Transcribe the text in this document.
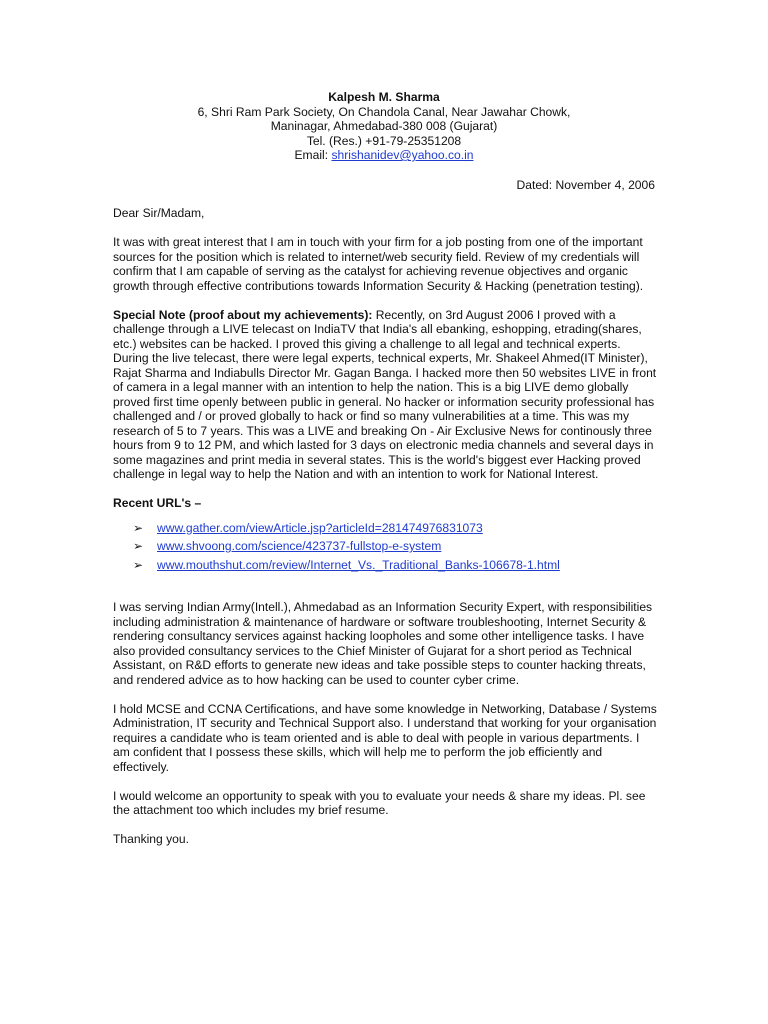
Kalpesh M. Sharma
6, Shri Ram Park Society, On Chandola Canal, Near Jawahar Chowk,
Maninagar, Ahmedabad-380 008 (Gujarat)
Tel. (Res.) +91-79-25351208
Email: shrishanidev@yahoo.co.in
Dated: November 4, 2006

Dear Sir/Madam,

It was with great interest that I am in touch with your firm for a job posting from one of the important sources for the position which is related to internet/web security field. Review of my credentials will confirm that I am capable of serving as the catalyst for achieving revenue objectives and organic growth through effective contributions towards Information Security & Hacking (penetration testing).

Special Note (proof about my achievements): Recently, on 3rd August 2006 I proved with a challenge through a LIVE telecast on IndiaTV that India's all ebanking, eshopping, etrading(shares, etc.) websites can be hacked. I proved this giving a challenge to all legal and technical experts. During the live telecast, there were legal experts, technical experts, Mr. Shakeel Ahmed(IT Minister), Rajat Sharma and Indiabulls Director Mr. Gagan Banga. I hacked more then 50 websites LIVE in front of camera in a legal manner with an intention to help the nation. This is a big LIVE demo globally proved first time openly between public in general. No hacker or information security professional has challenged and / or proved globally to hack or find so many vulnerabilities at a time. This was my research of 5 to 7 years. This was a LIVE and breaking On - Air Exclusive News for continously three hours from 9 to 12 PM, and which lasted for 3 days on electronic media channels and several days in some magazines and print media in several states. This is the world's biggest ever Hacking proved challenge in legal way to help the Nation and with an intention to work for National Interest.

Recent URL's –
➢ www.gather.com/viewArticle.jsp?articleId=281474976831073
➢ www.shvoong.com/science/423737-fullstop-e-system
➢ www.mouthshut.com/review/Internet_Vs._Traditional_Banks-106678-1.html

I was serving Indian Army(Intell.), Ahmedabad as an Information Security Expert, with responsibilities including administration & maintenance of hardware or software troubleshooting, Internet Security & rendering consultancy services against hacking loopholes and some other intelligence tasks. I have also provided consultancy services to the Chief Minister of Gujarat for a short period as Technical Assistant, on R&D efforts to generate new ideas and take possible steps to counter hacking threats, and rendered advice as to how hacking can be used to counter cyber crime.

I hold MCSE and CCNA Certifications, and have some knowledge in Networking, Database / Systems Administration, IT security and Technical Support also. I understand that working for your organisation requires a candidate who is team oriented and is able to deal with people in various departments. I am confident that I possess these skills, which will help me to perform the job efficiently and effectively.

I would welcome an opportunity to speak with you to evaluate your needs & share my ideas. Pl. see the attachment too which includes my brief resume.

Thanking you.
